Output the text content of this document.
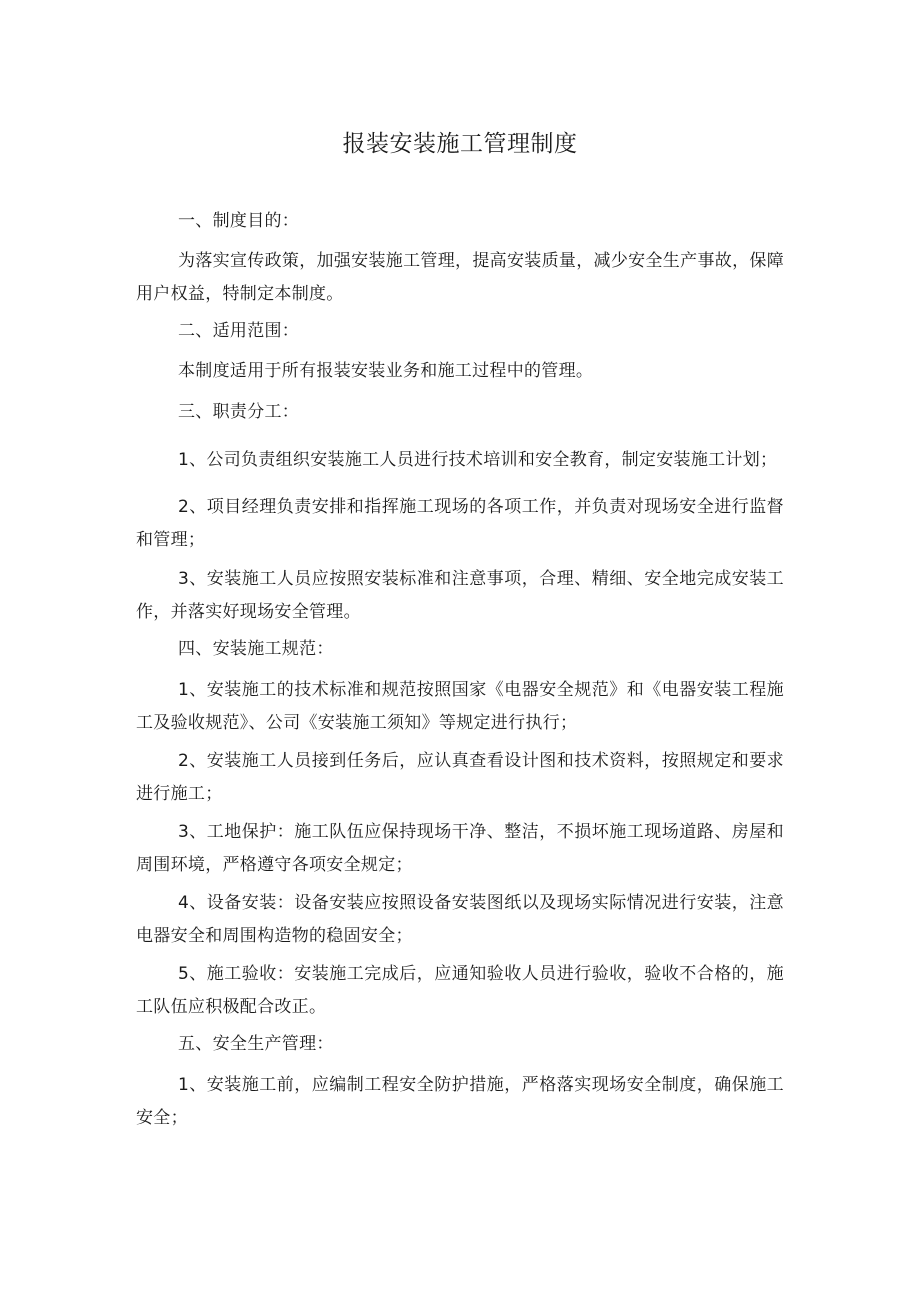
报装安装施工管理制度

一、制度目的：

为落实宣传政策，加强安装施工管理，提高安装质量，减少安全生产事故，保障用户权益，特制定本制度。

二、适用范围：

本制度适用于所有报装安装业务和施工过程中的管理。

三、职责分工：

1、公司负责组织安装施工人员进行技术培训和安全教育，制定安装施工计划；

2、项目经理负责安排和指挥施工现场的各项工作，并负责对现场安全进行监督和管理；

3、安装施工人员应按照安装标准和注意事项，合理、精细、安全地完成安装工作，并落实好现场安全管理。

四、安装施工规范：

1、安装施工的技术标准和规范按照国家《电器安全规范》和《电器安装工程施工及验收规范》、公司《安装施工须知》等规定进行执行；

2、安装施工人员接到任务后，应认真查看设计图和技术资料，按照规定和要求进行施工；

3、工地保护：施工队伍应保持现场干净、整洁，不损坏施工现场道路、房屋和周围环境，严格遵守各项安全规定；

4、设备安装：设备安装应按照设备安装图纸以及现场实际情况进行安装，注意电器安全和周围构造物的稳固安全；

5、施工验收：安装施工完成后，应通知验收人员进行验收，验收不合格的，施工队伍应积极配合改正。

五、安全生产管理：

1、安装施工前，应编制工程安全防护措施，严格落实现场安全制度，确保施工安全；
